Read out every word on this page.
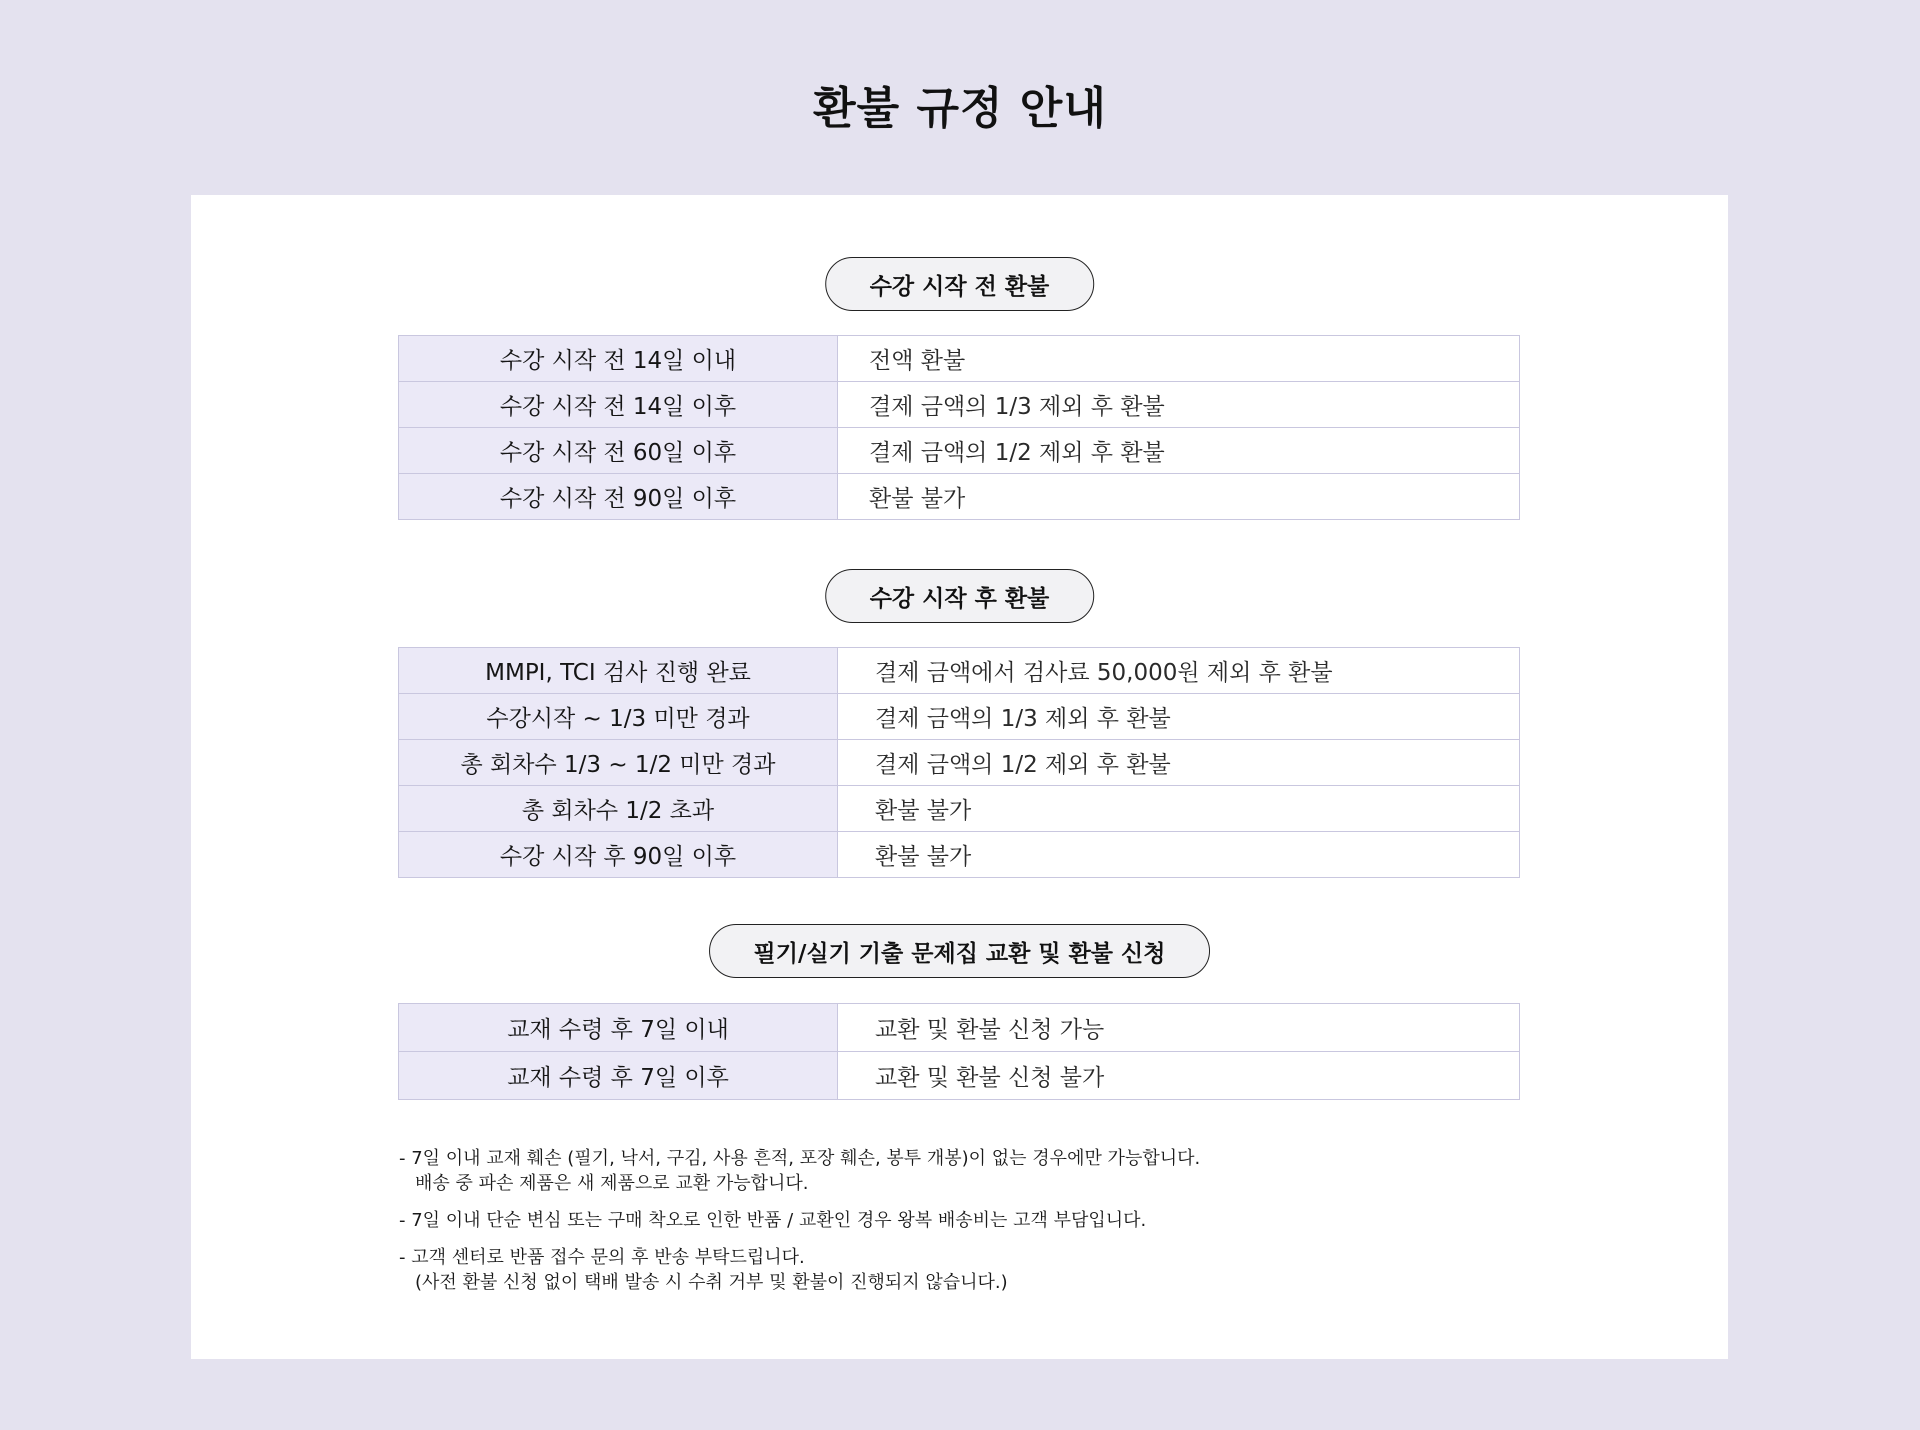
환불 규정 안내
수강 시작 전 환불
수강 시작 전 14일 이내	전액 환불
수강 시작 전 14일 이후	결제 금액의 1/3 제외 후 환불
수강 시작 전 60일 이후	결제 금액의 1/2 제외 후 환불
수강 시작 전 90일 이후	환불 불가
수강 시작 후 환불
MMPI, TCI 검사 진행 완료	결제 금액에서 검사료 50,000원 제외 후 환불
수강시작 ~ 1/3 미만 경과	결제 금액의 1/3 제외 후 환불
총 회차수 1/3 ~ 1/2 미만 경과	결제 금액의 1/2 제외 후 환불
총 회차수 1/2 초과	환불 불가
수강 시작 후 90일 이후	환불 불가
필기/실기 기출 문제집 교환 및 환불 신청
교재 수령 후 7일 이내	교환 및 환불 신청 가능
교재 수령 후 7일 이후	교환 및 환불 신청 불가
- 7일 이내 교재 훼손 (필기, 낙서, 구김, 사용 흔적, 포장 훼손, 봉투 개봉)이 없는 경우에만 가능합니다.
배송 중 파손 제품은 새 제품으로 교환 가능합니다.
- 7일 이내 단순 변심 또는 구매 착오로 인한 반품 / 교환인 경우 왕복 배송비는 고객 부담입니다.
- 고객 센터로 반품 접수 문의 후 반송 부탁드립니다.
(사전 환불 신청 없이 택배 발송 시 수취 거부 및 환불이 진행되지 않습니다.)
